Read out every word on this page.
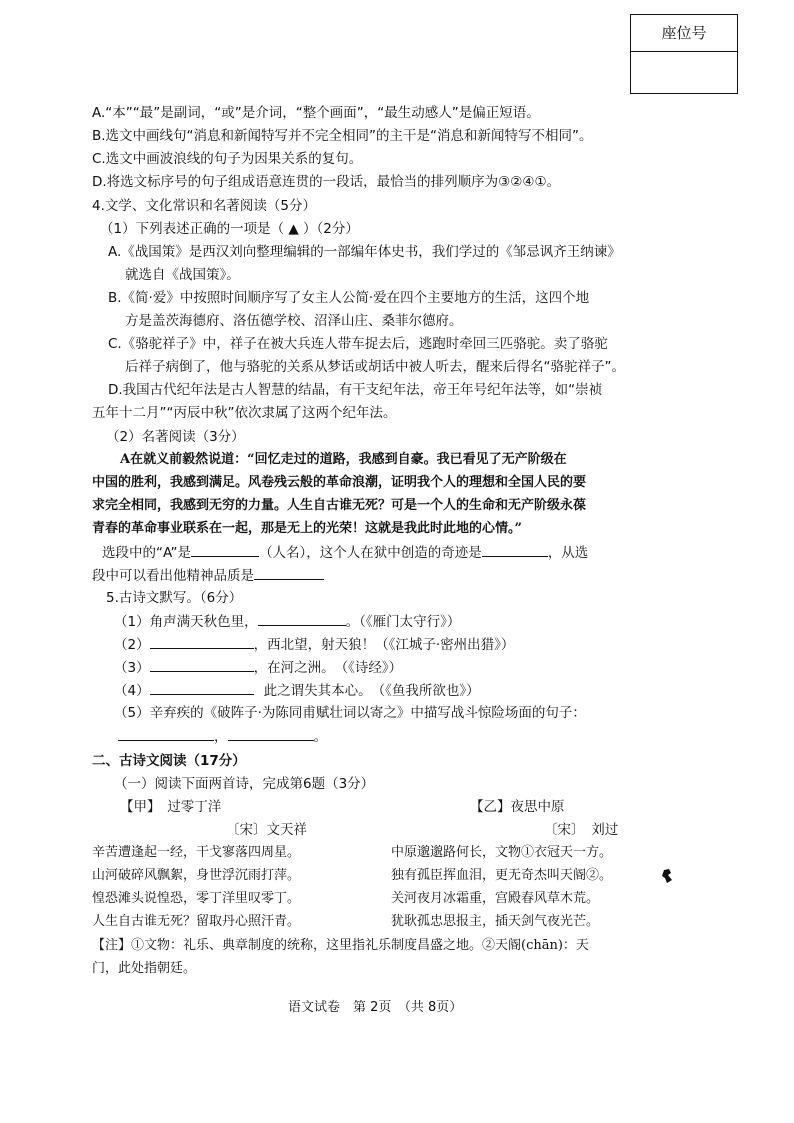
座位号
A.“本”“最”是副词，“或”是介词，“整个画面”，“最生动感人”是偏正短语。
B.选文中画线句“消息和新闻特写并不完全相同”的主干是“消息和新闻特写不相同”。
C.选文中画波浪线的句子为因果关系的复句。
D.将选文标序号的句子组成语意连贯的一段话，最恰当的排列顺序为③②④①。
4.文学、文化常识和名著阅读（5分）
（1）下列表述正确的一项是（ ▲ ）（2分）
A.《战国策》是西汉刘向整理编辑的一部编年体史书，我们学过的《邹忌讽齐王纳谏》
就选自《战国策》。
B.《简·爱》中按照时间顺序写了女主人公简·爱在四个主要地方的生活，这四个地
方是盖茨海德府、洛伍德学校、沼泽山庄、桑菲尔德府。
C.《骆驼祥子》中，祥子在被大兵连人带车捉去后，逃跑时牵回三匹骆驼。卖了骆驼
后祥子病倒了，他与骆驼的关系从梦话或胡话中被人听去，醒来后得名“骆驼祥子”。
D.我国古代纪年法是古人智慧的结晶，有干支纪年法，帝王年号纪年法等，如“崇祯
五年十二月”“丙辰中秋”依次隶属了这两个纪年法。
（2）名著阅读（3分）
A在就义前毅然说道：“回忆走过的道路，我感到自豪。我已看见了无产阶级在
中国的胜利，我感到满足。风卷残云般的革命浪潮，证明我个人的理想和全国人民的要
求完全相同，我感到无穷的力量。人生自古谁无死？可是一个人的生命和无产阶级永葆
青春的革命事业联系在一起，那是无上的光荣！这就是我此时此地的心情。”
选段中的“A”是	（人名），这个人在狱中创造的奇迹是	，从选
段中可以看出他精神品质是
5.古诗文默写。（6分）
（1）角声满天秋色里，	。（《雁门太守行》）
（2）	，西北望，射天狼！（《江城子·密州出猎》）
（3）	，在河之洲。　（《诗经》）
（4）	此之谓失其本心。　（《鱼我所欲也》）
（5）辛弃疾的《破阵子·为陈同甫赋壮词以寄之》中描写战斗惊险场面的句子：
，	。
二、古诗文阅读（17分）
（一）阅读下面两首诗，完成第6题（3分）
【甲】　过零丁洋	【乙】夜思中原
〔宋〕文天祥	〔宋〕　刘过
辛苦遭逢起一经，干戈寥落四周星。
山河破碎风飘絮，身世浮沉雨打萍。
惶恐滩头说惶恐，零丁洋里叹零丁。
人生自古谁无死？留取丹心照汗青。
中原邈邈路何长，文物①衣冠天一方。
独有孤臣挥血泪，更无奇杰叫天阍②。
关河夜月冰霜重，宫殿春风草木荒。
犹耿孤忠思报主，插天剑气夜光芒。
【注】①文物：礼乐、典章制度的统称，这里指礼乐制度昌盛之地。②天阍(chān)：天
门，此处指朝廷。
语文试卷　第 2页　（共 8页）
